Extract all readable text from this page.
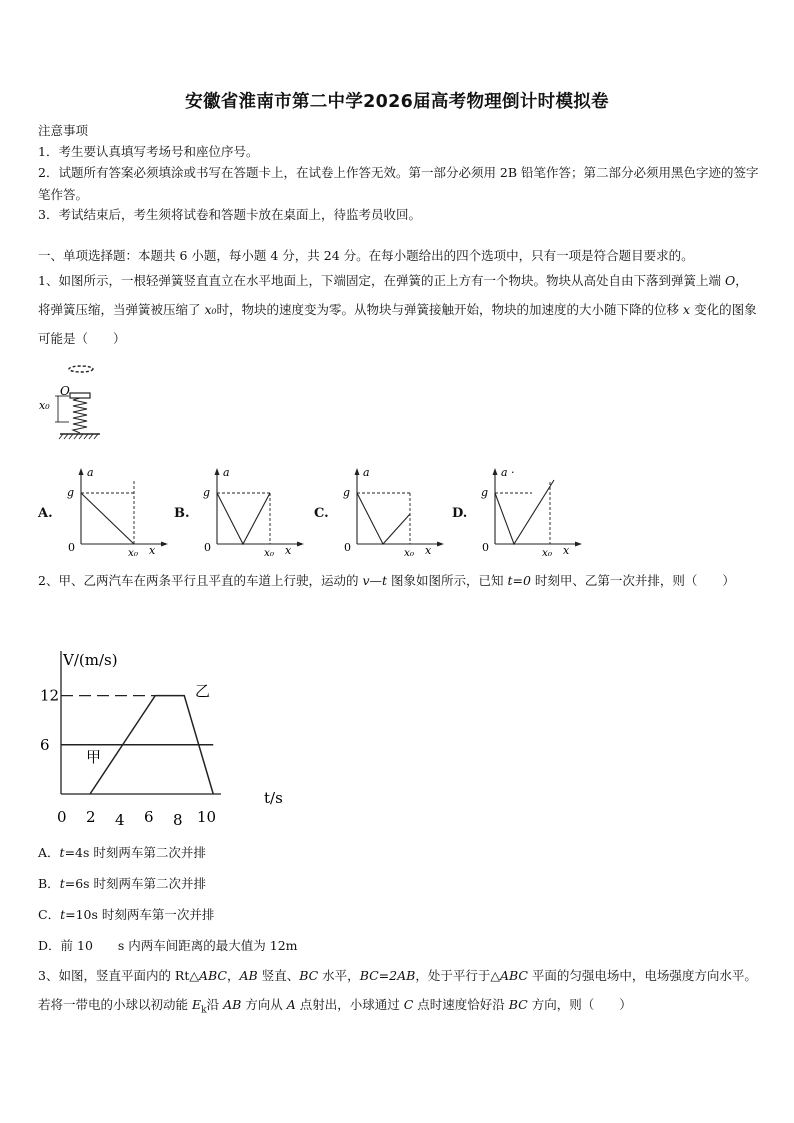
安徽省淮南市第二中学2026届高考物理倒计时模拟卷
注意事项
1．考生要认真填写考场号和座位序号。
2．试题所有答案必须填涂或书写在答题卡上，在试卷上作答无效。第一部分必须用 2B 铅笔作答；第二部分必须用黑色字迹的签字笔作答。
3．考试结束后，考生须将试卷和答题卡放在桌面上，待监考员收回。
一、单项选择题：本题共 6 小题，每小题 4 分，共 24 分。在每小题给出的四个选项中，只有一项是符合题目要求的。
1、如图所示，一根轻弹簧竖直直立在水平地面上，下端固定，在弹簧的正上方有一个物块。物块从高处自由下落到弹簧上端 O，将弹簧压缩，当弹簧被压缩了 x₀时，物块的速度变为零。从物块与弹簧接触开始，物块的加速度的大小随下降的位移 x 变化的图象可能是（　　）
O
x₀
A.
a
g
0	x₀ x
B.
a
g
0	x₀ x
C.
a
g
0	x₀ x
D.
a ·
g
0	x₀ x
2、甲、乙两汽车在两条平行且平直的车道上行驶，运动的 v—t 图象如图所示，已知 t=0 时刻甲、乙第一次并排，则（　　）
V/(m/s)
t/s
6
12
0 2 4 6 8 10
甲
乙
A．t=4s 时刻两车第二次并排
B．t=6s 时刻两车第二次并排
C．t=10s 时刻两车第一次并排
D．前 10　　s 内两车间距离的最大值为 12m
3、如图，竖直平面内的 Rt△ABC，AB 竖直、BC 水平，BC=2AB，处于平行于△ABC 平面的匀强电场中，电场强度方向水平。若将一带电的小球以初动能 $E_k$沿 AB 方向从 A 点射出，小球通过 C 点时速度恰好沿 BC 方向，则（　　）
